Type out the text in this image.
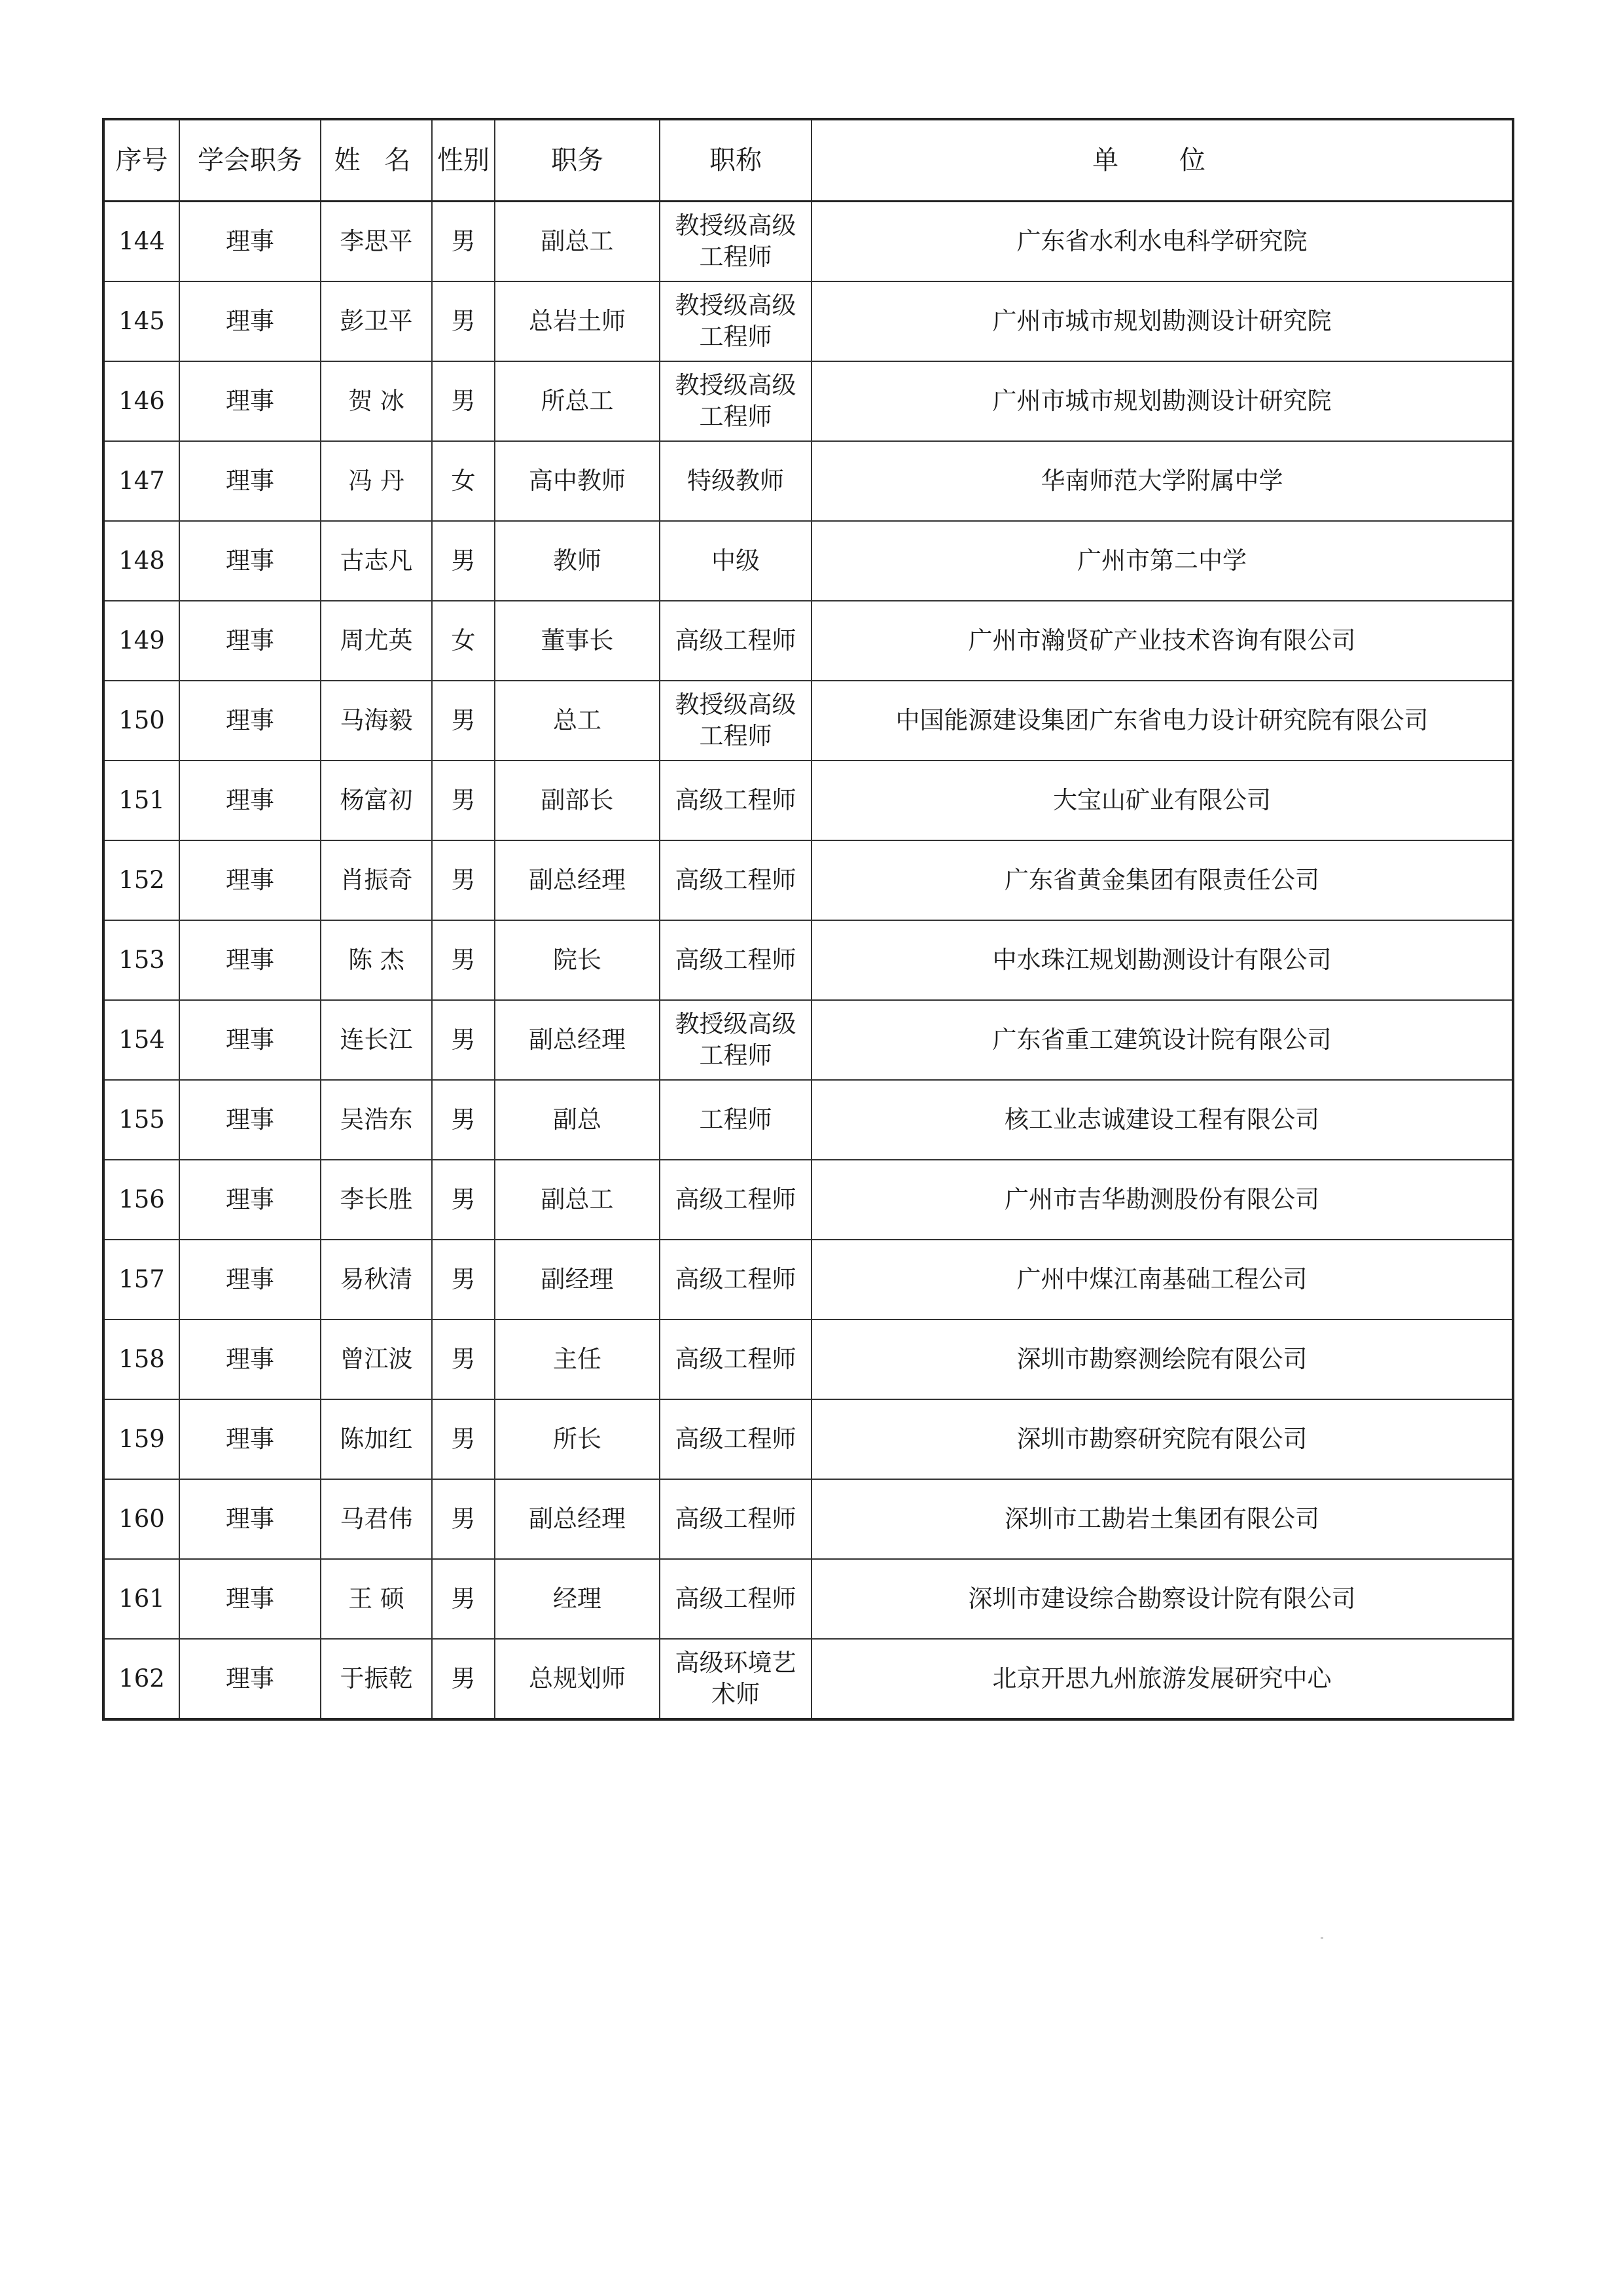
序号	学会职务	姓 名	性别	职务	职称	单 位
144	理事	李思平	男	副总工	教授级高级工程师	广东省水利水电科学研究院
145	理事	彭卫平	男	总岩土师	教授级高级工程师	广州市城市规划勘测设计研究院
146	理事	贺 冰	男	所总工	教授级高级工程师	广州市城市规划勘测设计研究院
147	理事	冯 丹	女	高中教师	特级教师	华南师范大学附属中学
148	理事	古志凡	男	教师	中级	广州市第二中学
149	理事	周尤英	女	董事长	高级工程师	广州市瀚贤矿产业技术咨询有限公司
150	理事	马海毅	男	总工	教授级高级工程师	中国能源建设集团广东省电力设计研究院有限公司
151	理事	杨富初	男	副部长	高级工程师	大宝山矿业有限公司
152	理事	肖振奇	男	副总经理	高级工程师	广东省黄金集团有限责任公司
153	理事	陈 杰	男	院长	高级工程师	中水珠江规划勘测设计有限公司
154	理事	连长江	男	副总经理	教授级高级工程师	广东省重工建筑设计院有限公司
155	理事	吴浩东	男	副总	工程师	核工业志诚建设工程有限公司
156	理事	李长胜	男	副总工	高级工程师	广州市吉华勘测股份有限公司
157	理事	易秋清	男	副经理	高级工程师	广州中煤江南基础工程公司
158	理事	曾江波	男	主任	高级工程师	深圳市勘察测绘院有限公司
159	理事	陈加红	男	所长	高级工程师	深圳市勘察研究院有限公司
160	理事	马君伟	男	副总经理	高级工程师	深圳市工勘岩土集团有限公司
161	理事	王 硕	男	经理	高级工程师	深圳市建设综合勘察设计院有限公司
162	理事	于振乾	男	总规划师	高级环境艺术师	北京开思九州旅游发展研究中心
